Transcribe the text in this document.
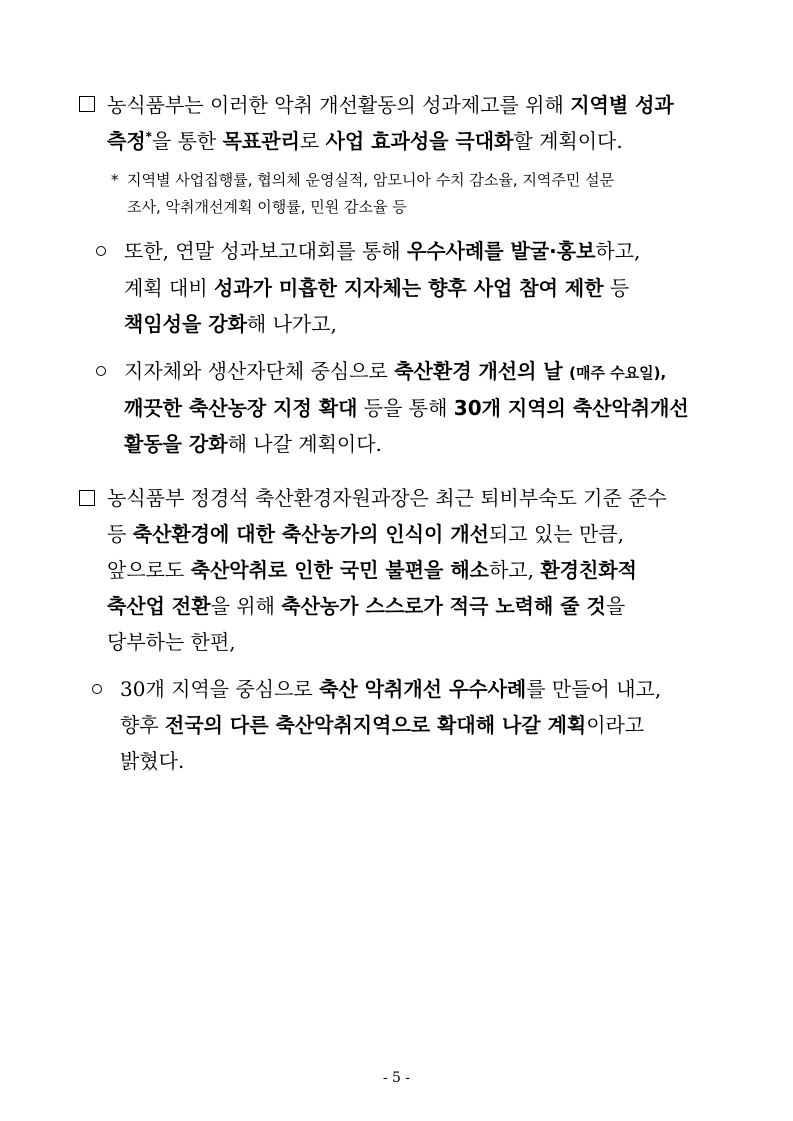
농식품부는 이러한 악취 개선활동의 성과제고를 위해 지역별 성과
측정*을 통한 목표관리로 사업 효과성을 극대화할 계획이다.
* 지역별 사업집행률, 협의체 운영실적, 암모니아 수치 감소율, 지역주민 설문
조사, 악취개선계획 이행률, 민원 감소율 등
또한, 연말 성과보고대회를 통해 우수사례를 발굴·홍보하고,
계획 대비 성과가 미흡한 지자체는 향후 사업 참여 제한 등
책임성을 강화해 나가고,
지자체와 생산자단체 중심으로 축산환경 개선의 날 (매주 수요일),
깨끗한 축산농장 지정 확대 등을 통해 30개 지역의 축산악취개선
활동을 강화해 나갈 계획이다.
농식품부 정경석 축산환경자원과장은 최근 퇴비부숙도 기준 준수
등 축산환경에 대한 축산농가의 인식이 개선되고 있는 만큼,
앞으로도 축산악취로 인한 국민 불편을 해소하고, 환경친화적
축산업 전환을 위해 축산농가 스스로가 적극 노력해 줄 것을
당부하는 한편,
30개 지역을 중심으로 축산 악취개선 우수사례를 만들어 내고,
향후 전국의 다른 축산악취지역으로 확대해 나갈 계획이라고
밝혔다.
- 5 -
